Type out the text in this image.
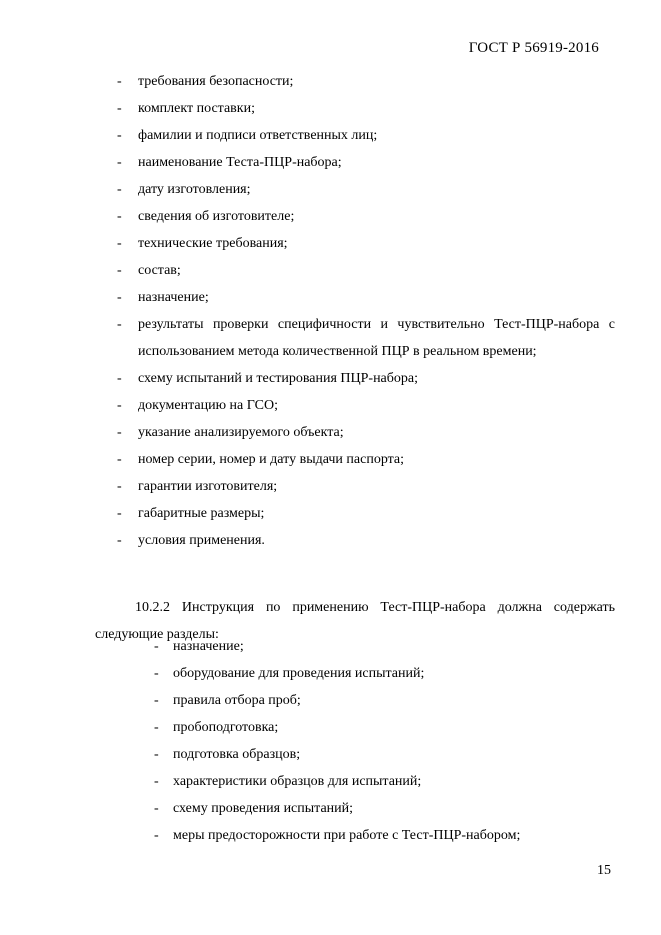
ГОСТ Р 56919-2016
- требования безопасности;
- комплект поставки;
- фамилии и подписи ответственных лиц;
- наименование Теста-ПЦР-набора;
- дату изготовления;
- сведения об изготовителе;
- технические требования;
- состав;
- назначение;
- результаты проверки специфичности и чувствительно Тест-ПЦР-набора с использованием метода количественной ПЦР в реальном времени;
- схему испытаний и тестирования ПЦР-набора;
- документацию на ГСО;
- указание анализируемого объекта;
- номер серии, номер и дату выдачи паспорта;
- гарантии изготовителя;
- габаритные размеры;
- условия применения.

10.2.2 Инструкция по применению Тест-ПЦР-набора должна содержать следующие разделы:

- назначение;
- оборудование для проведения испытаний;
- правила отбора проб;
- пробоподготовка;
- подготовка образцов;
- характеристики образцов для испытаний;
- схему проведения испытаний;
- меры предосторожности при работе с Тест-ПЦР-набором;
15
